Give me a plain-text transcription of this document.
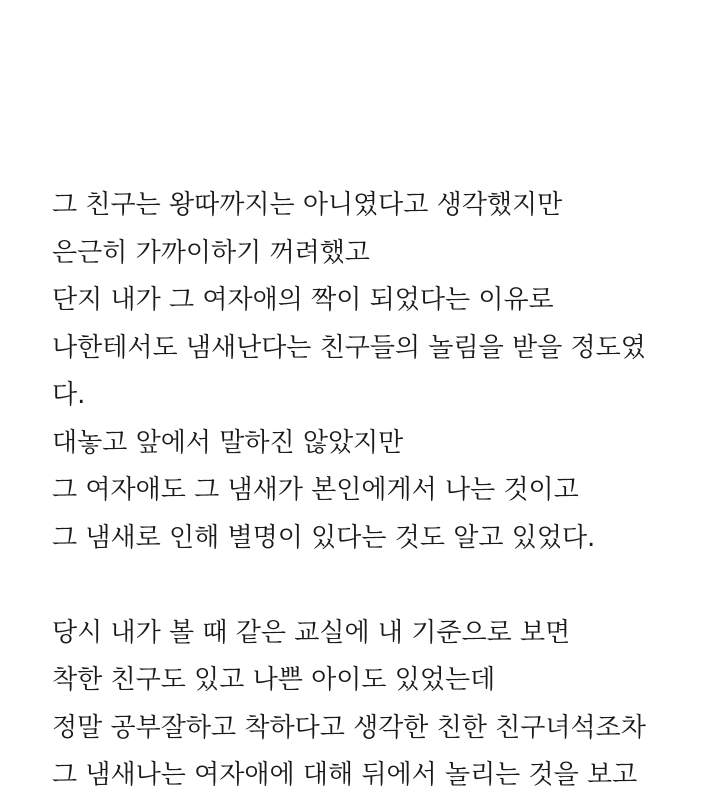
그 친구는 왕따까지는 아니였다고 생각했지만
은근히 가까이하기 꺼려했고
단지 내가 그 여자애의 짝이 되었다는 이유로
나한테서도 냄새난다는 친구들의 놀림을 받을 정도였
다.
대놓고 앞에서 말하진 않았지만
그 여자애도 그 냄새가 본인에게서 나는 것이고
그 냄새로 인해 별명이 있다는 것도 알고 있었다.
당시 내가 볼 때 같은 교실에 내 기준으로 보면
착한 친구도 있고 나쁜 아이도 있었는데
정말 공부잘하고 착하다고 생각한 친한 친구녀석조차
그 냄새나는 여자애에 대해 뒤에서 놀리는 것을 보고
